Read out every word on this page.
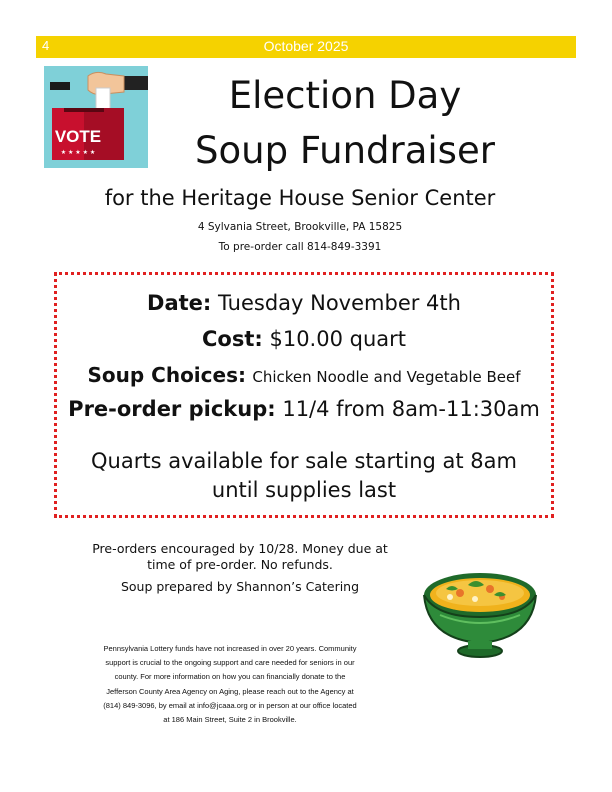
4	October 2025
VOTE
★ ★ ★ ★ ★
Election Day
Soup Fundraiser
for the Heritage House Senior Center
4 Sylvania Street, Brookville, PA 15825
To pre-order call 814-849-3391
Date: Tuesday November 4th
Cost: $10.00 quart
Soup Choices: Chicken Noodle and Vegetable Beef
Pre-order pickup: 11/4 from 8am-11:30am
Quarts available for sale starting at 8am
until supplies last
Pre-orders encouraged by 10/28. Money due at
time of pre-order. No refunds.
Soup prepared by Shannon’s Catering
Pennsylvania Lottery funds have not increased in over 20 years. Community
support is crucial to the ongoing support and care needed for seniors in our
county. For more information on how you can financially donate to the
Jefferson County Area Agency on Aging, please reach out to the Agency at
(814) 849-3096, by email at info@jcaaa.org or in person at our office located
at 186 Main Street, Suite 2 in Brookville.
